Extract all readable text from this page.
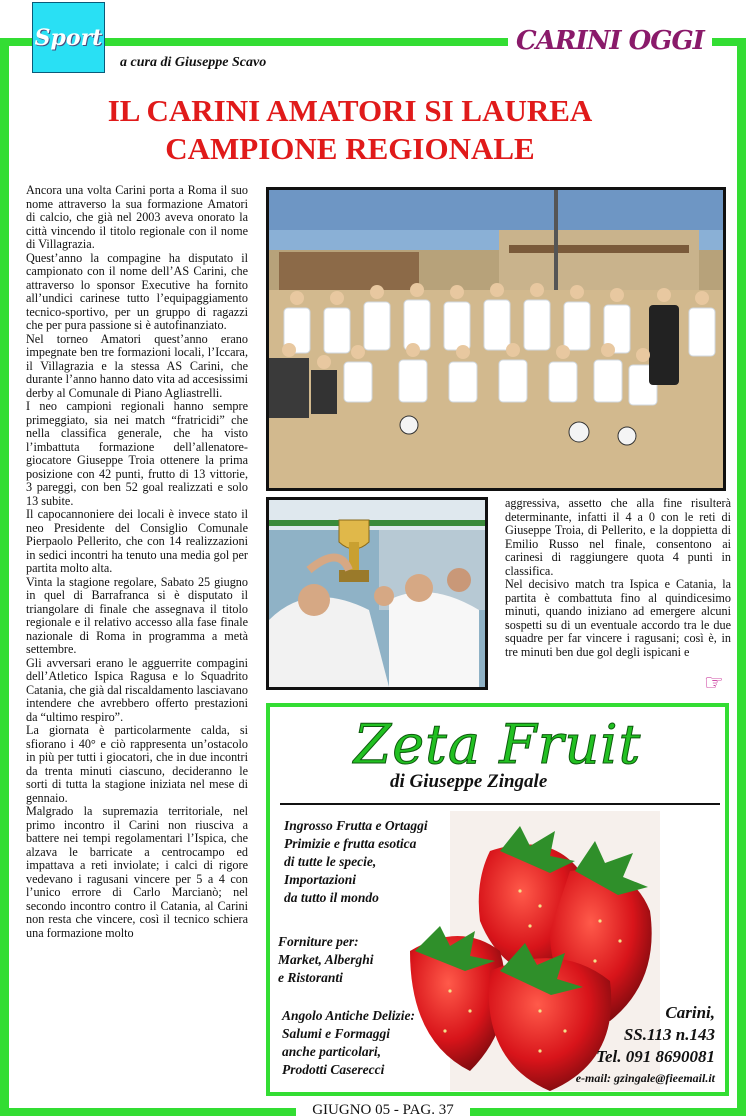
Sport
a cura di Giuseppe Scavo
CARINI OGGI
IL CARINI AMATORI SI LAUREA
CAMPIONE REGIONALE

Ancora una volta Carini porta a Roma il suo nome attraverso la sua formazione Amatori di calcio, che già nel 2003 aveva onorato la città vincendo il titolo regionale con il nome di Villagrazia.

Quest’anno la compagine ha disputato il campionato con il nome dell’AS Carini, che attraverso lo sponsor Executive ha fornito all’undici carinese tutto l’equipaggiamento tecnico-sportivo, per un gruppo di ragazzi che per pura passione si è autofinanziato.

Nel torneo Amatori quest’anno erano impegnate ben tre formazioni locali, l’Iccara, il Villagrazia e la stessa AS Carini, che durante l’anno hanno dato vita ad accesissimi derby al Comunale di Piano Agliastrelli.

I neo campioni regionali hanno sempre primeggiato, sia nei match “fratricidi” che nella classifica generale, che ha visto l’imbattuta formazione dell’allenatore-giocatore Giuseppe Troia ottenere la prima posizione con 42 punti, frutto di 13 vittorie, 3 pareggi, con ben 52 goal realizzati e solo 13 subite.

Il capocannoniere dei locali è invece stato il neo Presidente del Consiglio Comunale Pierpaolo Pellerito, che con 14 realizzazioni in sedici incontri ha tenuto una media gol per partita molto alta.

Vinta la stagione regolare, Sabato 25 giugno in quel di Barrafranca si è disputato il triangolare di finale che assegnava il titolo regionale e il relativo accesso alla fase finale nazionale di Roma in programma a metà settembre.

Gli avversari erano le agguerrite compagini dell’Atletico Ispica Ragusa e lo Squadrito Catania, che già dal riscaldamento lasciavano intendere che avrebbero offerto prestazioni da “ultimo respiro”.

La giornata è particolarmente calda, si sfiorano i 40° e ciò rappresenta un’ostacolo in più per tutti i giocatori, che in due incontri da trenta minuti ciascuno, decideranno le sorti di tutta la stagione iniziata nel mese di gennaio.

Malgrado la supremazia territoriale, nel primo incontro il Carini non riusciva a battere nei tempi regolamentari l’Ispica, che alzava le barricate a centrocampo ed impattava a reti inviolate; i calci di rigore vedevano i ragusani vincere per 5 a 4 con l’unico errore di Carlo Marcianò; nel secondo incontro contro il Catania, al Carini non resta che vincere, così il tecnico schiera una formazione molto

aggressiva, assetto che alla fine risulterà determinante, infatti il 4 a 0 con le reti di Giuseppe Troia, di Pellerito, e la doppietta di Emilio Russo nel finale, consentono ai carinesi di raggiungere quota 4 punti in classifica.

Nel decisivo match tra Ispica e Catania, la partita è combattuta fino al quindicesimo minuti, quando iniziano ad emergere alcuni sospetti su di un eventuale accordo tra le due squadre per far vincere i ragusani; così è, in tre minuti ben due gol degli ispicani e

☞
Zeta Fruit
di Giuseppe Zingale
Ingrosso Frutta e Ortaggi
Primizie e frutta esotica
di tutte le specie,
Importazioni
da tutto il mondo
Forniture per:
Market, Alberghi
e Ristoranti
Angolo Antiche Delizie:
Salumi e Formaggi
anche particolari,
Prodotti Caserecci
Carini,
SS.113 n.143
Tel. 091 8690081
e-mail: gzingale@fieemail.it
GIUGNO 05 - PAG. 37
